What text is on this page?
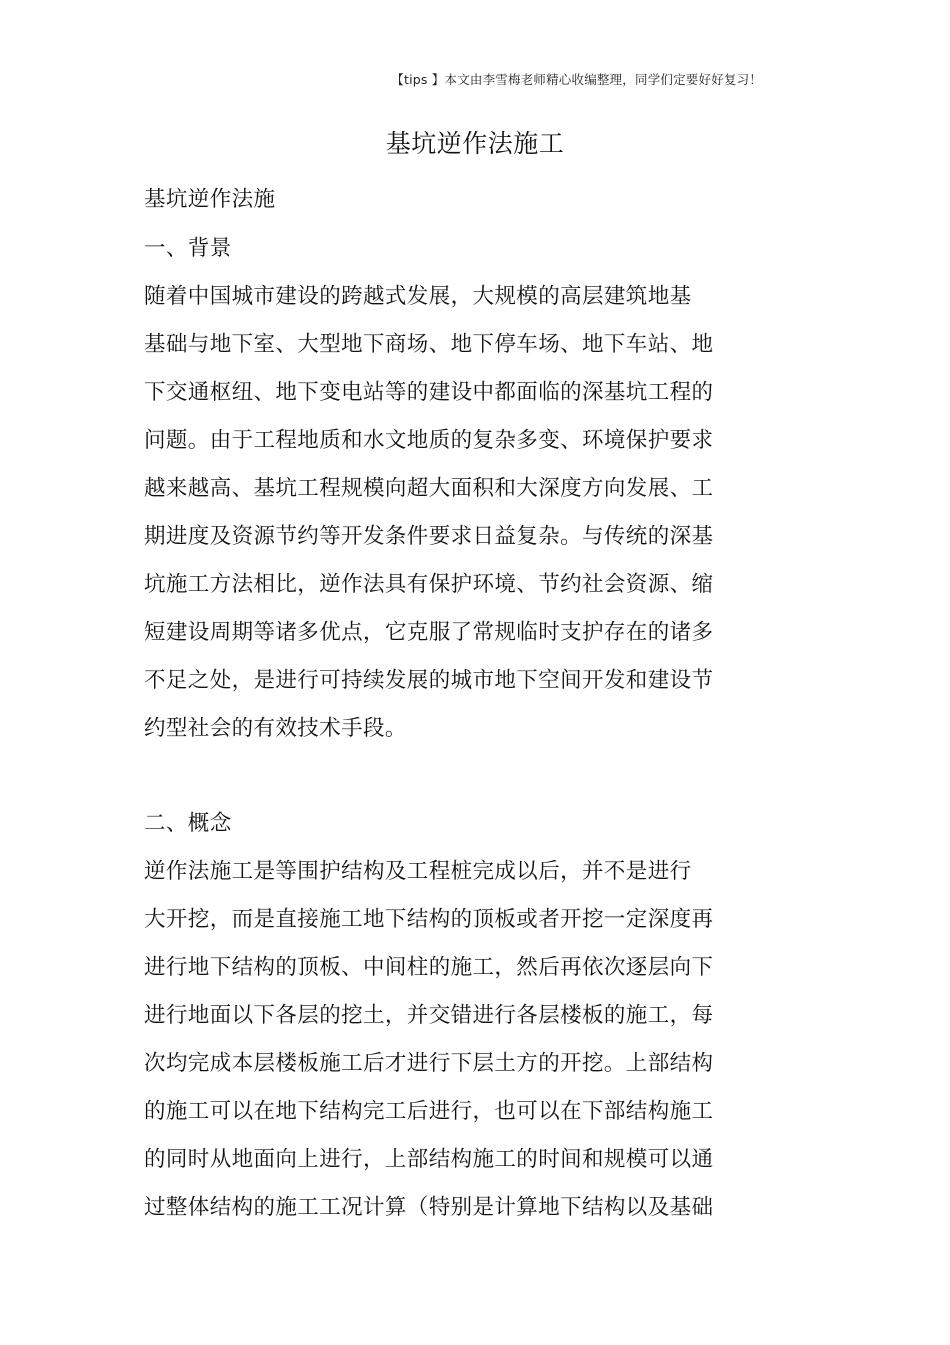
【tips 】本文由李雪梅老师精心收编整理，同学们定要好好复习！
基坑逆作法施工
基坑逆作法施
一、背景
随着中国城市建设的跨越式发展，大规模的高层建筑地基
基础与地下室、大型地下商场、地下停车场、地下车站、地
下交通枢纽、地下变电站等的建设中都面临的深基坑工程的
问题。由于工程地质和水文地质的复杂多变、环境保护要求
越来越高、基坑工程规模向超大面积和大深度方向发展、工
期进度及资源节约等开发条件要求日益复杂。与传统的深基
坑施工方法相比，逆作法具有保护环境、节约社会资源、缩
短建设周期等诸多优点，它克服了常规临时支护存在的诸多
不足之处，是进行可持续发展的城市地下空间开发和建设节
约型社会的有效技术手段。
二、概念
逆作法施工是等围护结构及工程桩完成以后，并不是进行
大开挖，而是直接施工地下结构的顶板或者开挖一定深度再
进行地下结构的顶板、中间柱的施工，然后再依次逐层向下
进行地面以下各层的挖土，并交错进行各层楼板的施工，每
次均完成本层楼板施工后才进行下层土方的开挖。上部结构
的施工可以在地下结构完工后进行，也可以在下部结构施工
的同时从地面向上进行，上部结构施工的时间和规模可以通
过整体结构的施工工况计算（特别是计算地下结构以及基础
